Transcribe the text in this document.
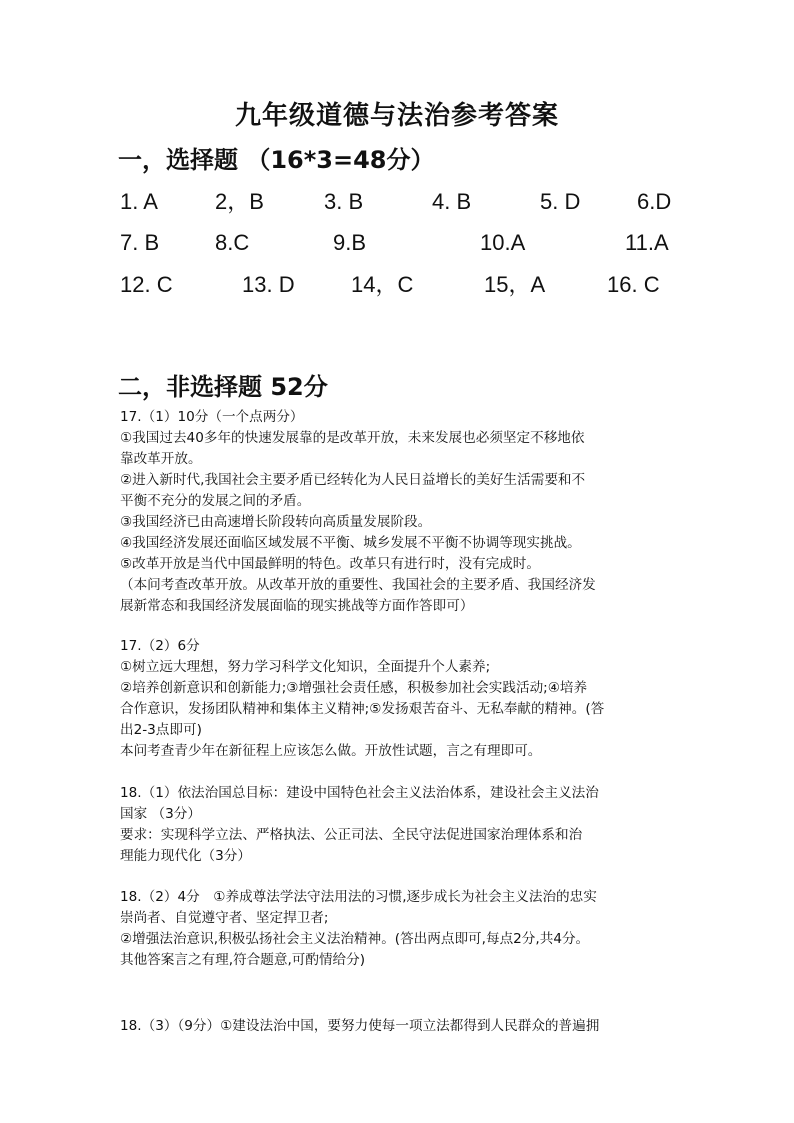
九年级道德与法治参考答案
一，选择题 （16*3=48分）
1. A	2，B	3. B	4. B	5. D	6.D
7. B	8.C	9.B	10.A	11.A
12. C	13. D	14，C	15，A	16. C
二，非选择题 52分
17.（1）10分（一个点两分）
①我国过去40多年的快速发展靠的是改革开放，未来发展也必须坚定不移地依
靠改革开放。
②进入新时代,我国社会主要矛盾已经转化为人民日益增长的美好生活需要和不
平衡不充分的发展之间的矛盾。
③我国经济已由高速增长阶段转向高质量发展阶段。
④我国经济发展还面临区域发展不平衡、城乡发展不平衡不协调等现实挑战。
⑤改革开放是当代中国最鲜明的特色。改革只有进行时，没有完成时。
（本问考查改革开放。从改革开放的重要性、我国社会的主要矛盾、我国经济发
展新常态和我国经济发展面临的现实挑战等方面作答即可）
17.（2）6分
①树立远大理想，努力学习科学文化知识，全面提升个人素养;
②培养创新意识和创新能力;③增强社会责任感，积极参加社会实践活动;④培养
合作意识，发扬团队精神和集体主义精神;⑤发扬艰苦奋斗、无私奉献的精神。(答
出2-3点即可)
本问考查青少年在新征程上应该怎么做。开放性试题，言之有理即可。
18.（1）依法治国总目标：建设中国特色社会主义法治体系，建设社会主义法治
国家 （3分）
要求：实现科学立法、严格执法、公正司法、全民守法促进国家治理体系和治
理能力现代化（3分）
18.（2）4分　①养成尊法学法守法用法的习惯,逐步成长为社会主义法治的忠实
崇尚者、自觉遵守者、坚定捍卫者;
②增强法治意识,积极弘扬社会主义法治精神。(答出两点即可,每点2分,共4分。
其他答案言之有理,符合题意,可酌情给分)
18.（3）（9分）①建设法治中国，要努力使每一项立法都得到人民群众的普遍拥
